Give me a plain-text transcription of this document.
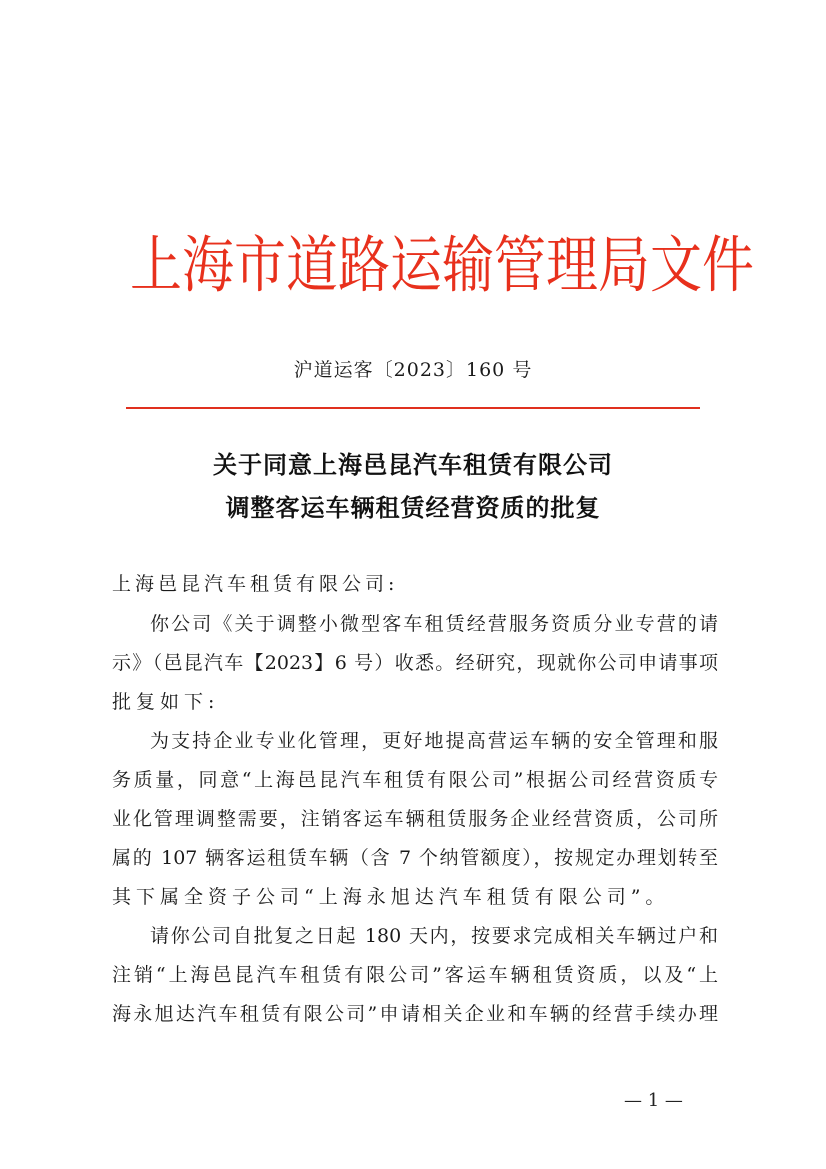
上海市道路运输管理局文件
沪道运客〔2023〕160 号
关于同意上海邑昆汽车租赁有限公司
调整客运车辆租赁经营资质的批复
上海邑昆汽车租赁有限公司:
你公司《关于调整小微型客车租赁经营服务资质分业专营的请
示》（邑昆汽车【2023】6 号）收悉。经研究，现就你公司申请事项
批复如下:
为支持企业专业化管理，更好地提高营运车辆的安全管理和服
务质量，同意“上海邑昆汽车租赁有限公司”根据公司经营资质专
业化管理调整需要，注销客运车辆租赁服务企业经营资质，公司所
属的 107 辆客运租赁车辆（含 7 个纳管额度），按规定办理划转至
其下属全资子公司“上海永旭达汽车租赁有限公司”。
请你公司自批复之日起 180 天内，按要求完成相关车辆过户和
注销“上海邑昆汽车租赁有限公司”客运车辆租赁资质，以及“上
海永旭达汽车租赁有限公司”申请相关企业和车辆的经营手续办理
— 1 —
